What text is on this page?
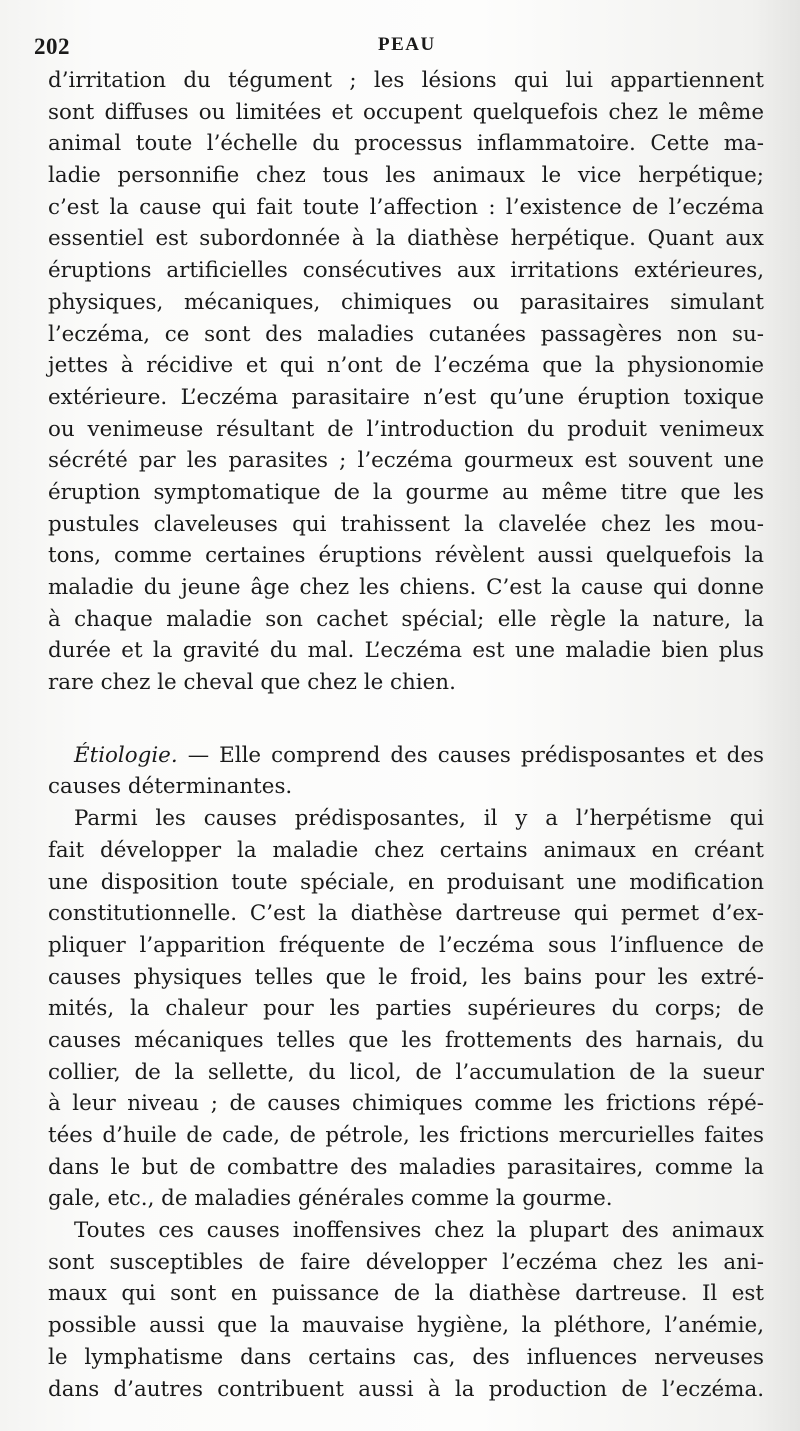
202	PEAU
d’irritation du tégument ; les lésions qui lui appartiennent
sont diffuses ou limitées et occupent quelquefois chez le même
animal toute l’échelle du processus inflammatoire. Cette ma-
ladie personnifie chez tous les animaux le vice herpétique;
c’est la cause qui fait toute l’affection : l’existence de l’eczéma
essentiel est subordonnée à la diathèse herpétique. Quant aux
éruptions artificielles consécutives aux irritations extérieures,
physiques, mécaniques, chimiques ou parasitaires simulant
l’eczéma, ce sont des maladies cutanées passagères non su-
jettes à récidive et qui n’ont de l’eczéma que la physionomie
extérieure. L’eczéma parasitaire n’est qu’une éruption toxique
ou venimeuse résultant de l’introduction du produit venimeux
sécrété par les parasites ; l’eczéma gourmeux est souvent une
éruption symptomatique de la gourme au même titre que les
pustules claveleuses qui trahissent la clavelée chez les mou-
tons, comme certaines éruptions révèlent aussi quelquefois la
maladie du jeune âge chez les chiens. C’est la cause qui donne
à chaque maladie son cachet spécial; elle règle la nature, la
durée et la gravité du mal. L’eczéma est une maladie bien plus
rare chez le cheval que chez le chien.
Étiologie. — Elle comprend des causes prédisposantes et des
causes déterminantes.
Parmi les causes prédisposantes, il y a l’herpétisme qui
fait développer la maladie chez certains animaux en créant
une disposition toute spéciale, en produisant une modification
constitutionnelle. C’est la diathèse dartreuse qui permet d’ex-
pliquer l’apparition fréquente de l’eczéma sous l’influence de
causes physiques telles que le froid, les bains pour les extré-
mités, la chaleur pour les parties supérieures du corps; de
causes mécaniques telles que les frottements des harnais, du
collier, de la sellette, du licol, de l’accumulation de la sueur
à leur niveau ; de causes chimiques comme les frictions répé-
tées d’huile de cade, de pétrole, les frictions mercurielles faites
dans le but de combattre des maladies parasitaires, comme la
gale, etc., de maladies générales comme la gourme.
Toutes ces causes inoffensives chez la plupart des animaux
sont susceptibles de faire développer l’eczéma chez les ani-
maux qui sont en puissance de la diathèse dartreuse. Il est
possible aussi que la mauvaise hygiène, la pléthore, l’anémie,
le lymphatisme dans certains cas, des influences nerveuses
dans d’autres contribuent aussi à la production de l’eczéma.
